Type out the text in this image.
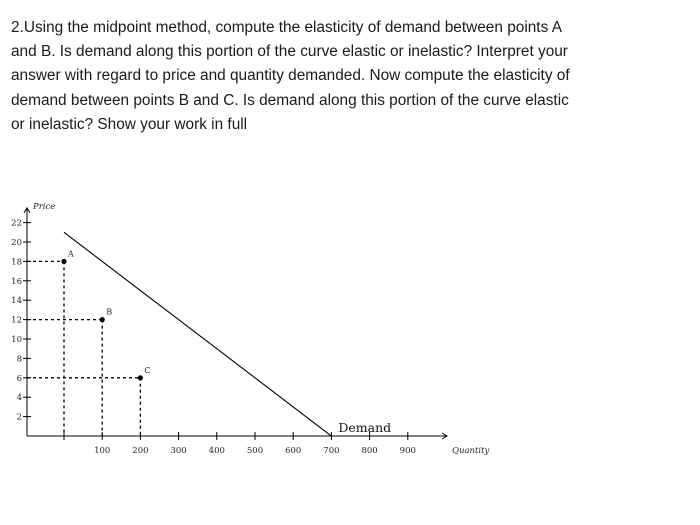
2.Using the midpoint method, compute the elasticity of demand between points A and B. Is demand along this portion of the curve elastic or inelastic? Interpret your answer with regard to price and quantity demanded. Now compute the elasticity of demand between points B and C. Is demand along this portion of the curve elastic or inelastic? Show your work in full

2
4
6
8
10
12
14
16
18
20
22
100	200	300	400	500	600	700	800	900
Price
Quantity
A
B
C
Demand
